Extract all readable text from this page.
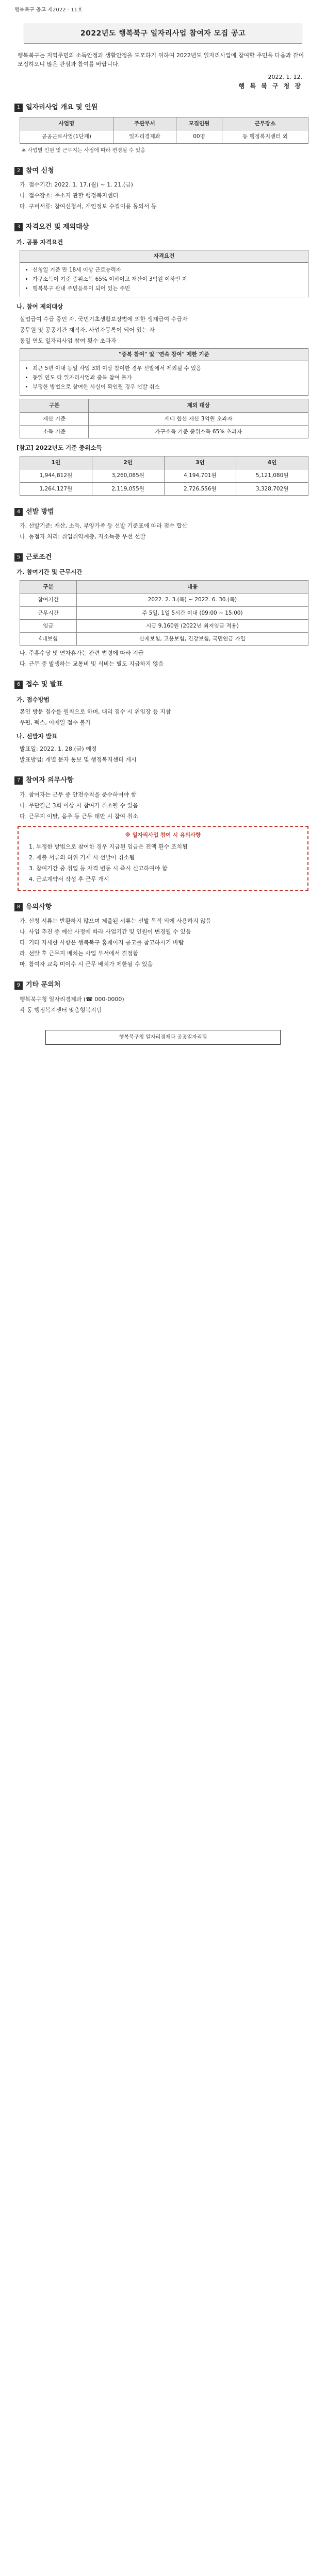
행복북구 공고 제2022 - 11호
2022년도 행복북구 일자리사업 참여자 모집 공고
행복북구는 지역주민의 소득안정과 생활안정을 도모하기 위하여 2022년도 일자리사업에 참여할 주민을 다음과 같이 모집하오니 많은 관심과 참여를 바랍니다.
2022. 1. 12.
행 복 북 구 청 장
1 일자리사업 개요 및 인원
사업명	주관부서	모집인원	근무장소
공공근로사업(1단계)	일자리경제과	00명	동 행정복지센터 외
※ 사업별 인원 및 근무지는 사정에 따라 변경될 수 있음
2 참여 신청
가. 접수기간: 2022. 1. 17.(월) ~ 1. 21.(금)
나. 접수장소: 주소지 관할 행정복지센터
다. 구비서류: 참여신청서, 개인정보 수집이용 동의서 등
3 자격요건 및 제외대상
가. 공통 자격요건
자격요건
• 신청일 기준 만 18세 이상 근로능력자
• 가구소득이 기준 중위소득 65% 이하이고 재산이 3억원 이하인 자
• 행복북구 관내 주민등록이 되어 있는 주민
나. 참여 제외대상
실업급여 수급 중인 자, 국민기초생활보장법에 의한 생계급여 수급자
공무원 및 공공기관 재직자, 사업자등록이 되어 있는 자
동일 연도 일자리사업 참여 횟수 초과자
"중복 참여" 및 "연속 참여" 제한 기준
• 최근 5년 이내 동일 사업 3회 이상 참여한 경우 선발에서 제외될 수 있음
• 동일 연도 타 일자리사업과 중복 참여 불가
• 부정한 방법으로 참여한 사실이 확인될 경우 선발 취소
구분	제외 대상
재산 기준	세대 합산 재산 3억원 초과자
소득 기준	가구소득 기준 중위소득 65% 초과자
[참고] 2022년도 기준 중위소득
1인	2인	3인	4인
1,944,812원	3,260,085원	4,194,701원	5,121,080원
1,264,127원	2,119,055원	2,726,556원	3,328,702원
4 선발 방법
가. 선발기준: 재산, 소득, 부양가족 등 선발 기준표에 따라 점수 합산
나. 동점자 처리: 취업취약계층, 저소득층 우선 선발
5 근로조건
가. 참여기간 및 근무시간
구분	내용
참여기간	2022. 2. 3.(목) ~ 2022. 6. 30.(목)
근무시간	주 5일, 1일 5시간 이내 (09:00 ~ 15:00)
임금	시급 9,160원 (2022년 최저임금 적용)
4대보험	산재보험, 고용보험, 건강보험, 국민연금 가입
나. 주휴수당 및 연차휴가는 관련 법령에 따라 지급
다. 근무 중 발생하는 교통비 및 식비는 별도 지급하지 않음
6 접수 및 발표
가. 접수방법
본인 방문 접수를 원칙으로 하며, 대리 접수 시 위임장 등 지참
우편, 팩스, 이메일 접수 불가
나. 선발자 발표
발표일: 2022. 1. 28.(금) 예정
발표방법: 개별 문자 통보 및 행정복지센터 게시
7 참여자 의무사항
가. 참여자는 근무 중 안전수칙을 준수하여야 함
나. 무단결근 3회 이상 시 참여가 취소될 수 있음
다. 근무지 이탈, 음주 등 근무 태만 시 참여 취소
※ 일자리사업 참여 시 유의사항
1. 부정한 방법으로 참여한 경우 지급된 임금은 전액 환수 조치됨
2. 제출 서류의 허위 기재 시 선발이 취소됨
3. 참여기간 중 취업 등 자격 변동 시 즉시 신고하여야 함
4. 근로계약서 작성 후 근무 개시
8 유의사항
가. 신청 서류는 반환하지 않으며 제출된 서류는 선발 목적 외에 사용하지 않음
나. 사업 추진 중 예산 사정에 따라 사업기간 및 인원이 변경될 수 있음
다. 기타 자세한 사항은 행복북구 홈페이지 공고를 참고하시기 바람
라. 선발 후 근무지 배치는 사업 부서에서 결정함
마. 참여자 교육 미이수 시 근무 배치가 제한될 수 있음
9 기타 문의처
행복북구청 일자리경제과 (☎ 000-0000)
각 동 행정복지센터 맞춤형복지팀
행복북구청 일자리경제과 공공일자리팀
